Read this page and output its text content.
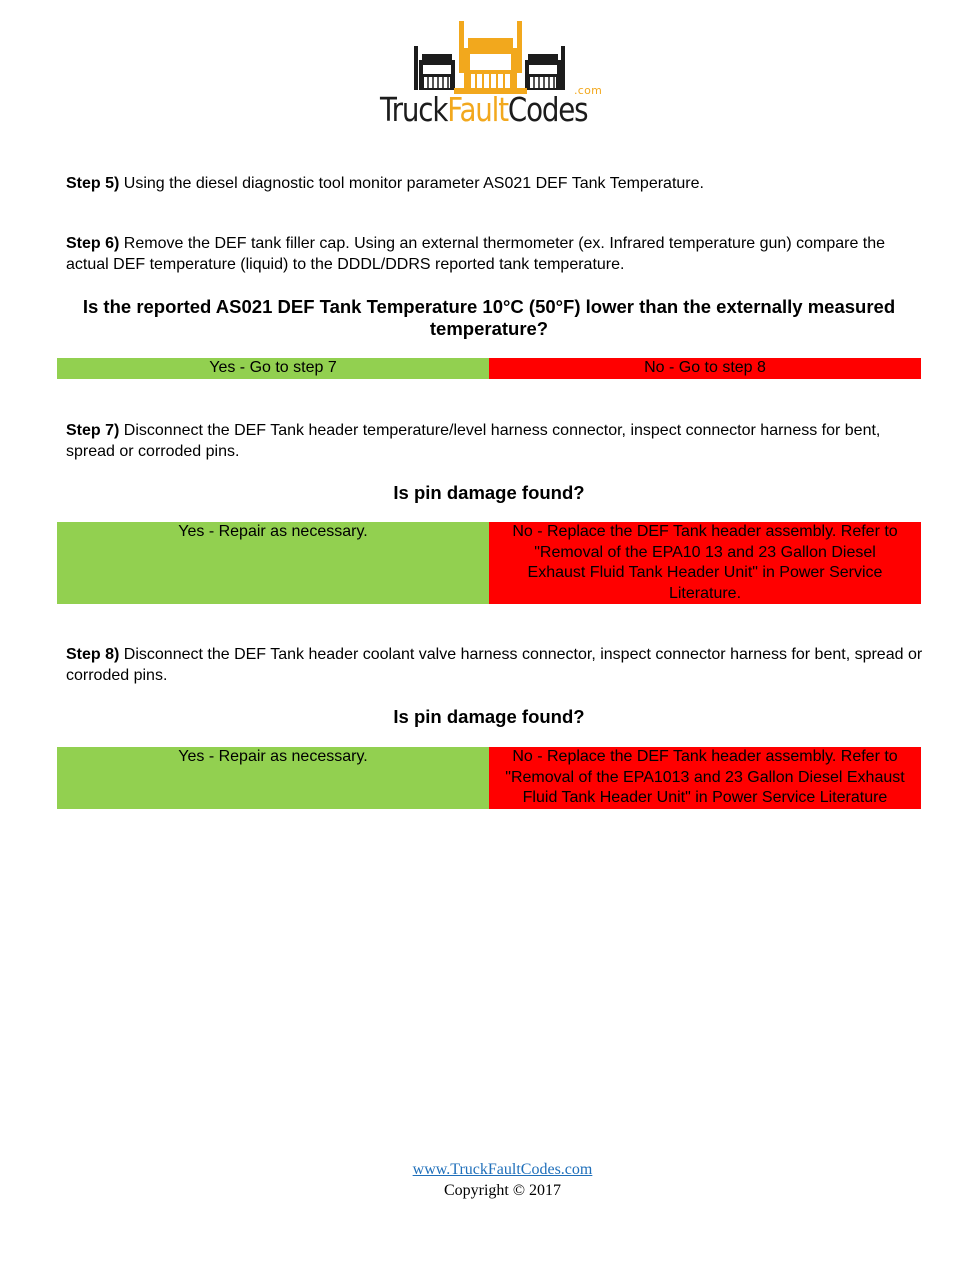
TruckFaultCodes
.com
Step 5) Using the diesel diagnostic tool monitor parameter AS021 DEF Tank Temperature.
Step 6) Remove the DEF tank filler cap. Using an external thermometer (ex. Infrared temperature gun) compare the actual DEF temperature (liquid) to the DDDL/DDRS reported tank temperature.
Is the reported AS021 DEF Tank Temperature 10°C (50°F) lower than the externally measured temperature?
Yes - Go to step 7	No - Go to step 8
Step 7) Disconnect the DEF Tank header temperature/level harness connector, inspect connector harness for bent, spread or corroded pins.
Is pin damage found?
Yes - Repair as necessary.	No - Replace the DEF Tank header assembly. Refer to "Removal of the EPA10 13 and 23 Gallon Diesel Exhaust Fluid Tank Header Unit" in Power Service Literature.
Step 8) Disconnect the DEF Tank header coolant valve harness connector, inspect connector harness for bent, spread or corroded pins.
Is pin damage found?
Yes - Repair as necessary.	No - Replace the DEF Tank header assembly. Refer to "Removal of the EPA1013 and 23 Gallon Diesel Exhaust Fluid Tank Header Unit" in Power Service Literature
www.TruckFaultCodes.com
Copyright © 2017
